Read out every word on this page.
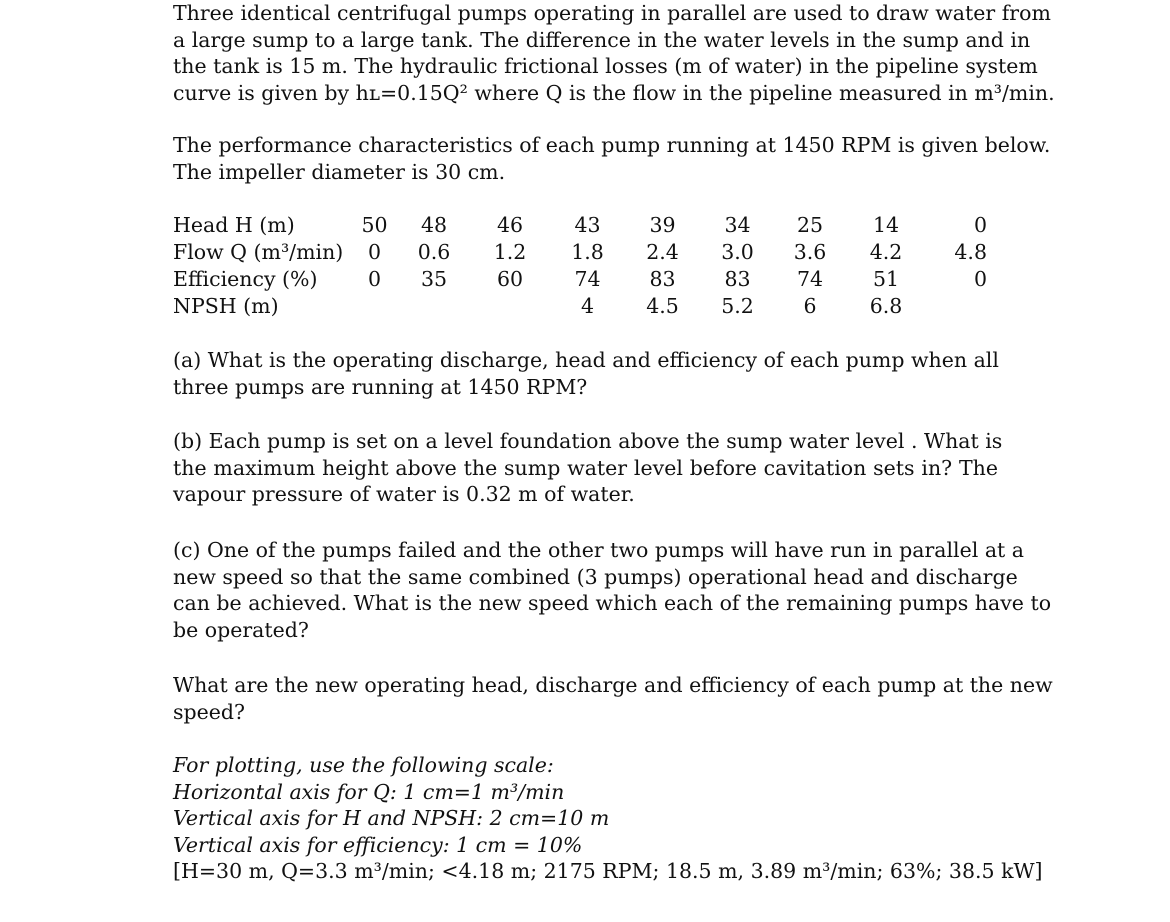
Three identical centrifugal pumps operating in parallel are used to draw water from
a large sump to a large tank. The difference in the water levels in the sump and in
the tank is 15 m. The hydraulic frictional losses (m of water) in the pipeline system
curve is given by hʟ=0.15Q² where Q is the flow in the pipeline measured in m³/min.
The performance characteristics of each pump running at 1450 RPM is given below.
The impeller diameter is 30 cm.
Head H (m)	50	48	46	43	39	34	25	14	0
Flow Q (m³/min)	0	0.6	1.2	1.8	2.4	3.0	3.6	4.2	4.8
Efficiency (%)	0	35	60	74	83	83	74	51	0
NPSH (m)				4	4.5	5.2	6	6.8	
(a) What is the operating discharge, head and efficiency of each pump when all
three pumps are running at 1450 RPM?
(b) Each pump is set on a level foundation above the sump water level . What is
the maximum height above the sump water level before cavitation sets in? The
vapour pressure of water is 0.32 m of water.
(c) One of the pumps failed and the other two pumps will have run in parallel at a
new speed so that the same combined (3 pumps) operational head and discharge
can be achieved. What is the new speed which each of the remaining pumps have to
be operated?
What are the new operating head, discharge and efficiency of each pump at the new
speed?
For plotting, use the following scale:
Horizontal axis for Q: 1 cm=1 m³/min
Vertical axis for H and NPSH: 2 cm=10 m
Vertical axis for efficiency: 1 cm = 10%
[H=30 m, Q=3.3 m³/min; <4.18 m; 2175 RPM; 18.5 m, 3.89 m³/min; 63%; 38.5 kW]
